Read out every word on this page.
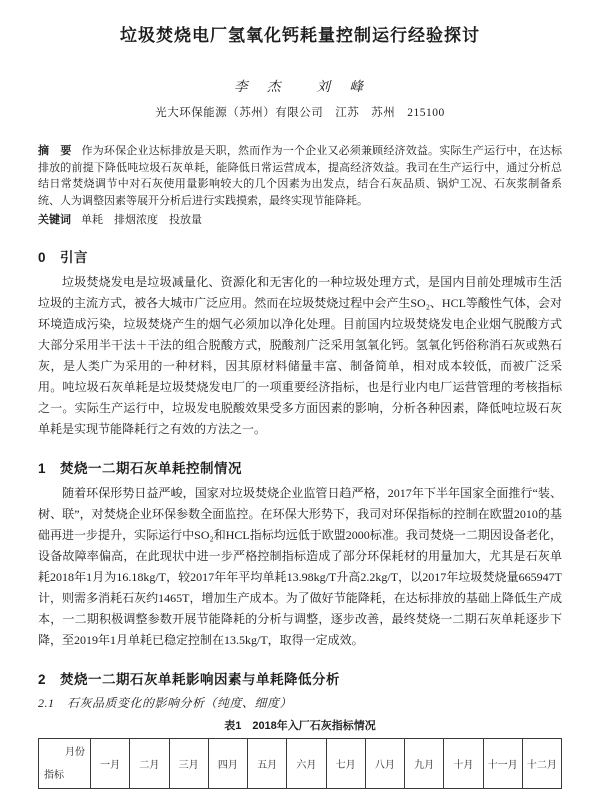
垃圾焚烧电厂氢氧化钙耗量控制运行经验探讨
李　杰　　刘　峰
光大环保能源（苏州）有限公司　江苏　苏州　215100

摘　要 作为环保企业达标排放是天职，然而作为一个企业又必须兼顾经济效益。实际生产运行中，在达标排放的前提下降低吨垃圾石灰单耗，能降低日常运营成本，提高经济效益。我司在生产运行中，通过分析总结日常焚烧调节中对石灰使用量影响较大的几个因素为出发点，结合石灰品质、锅炉工况、石灰浆制备系统、人为调整因素等展开分析后进行实践摸索，最终实现节能降耗。

关键词 单耗　排烟浓度　投放量

0　引言

垃圾焚烧发电是垃圾减量化、资源化和无害化的一种垃圾处理方式，是国内目前处理城市生活垃圾的主流方式，被各大城市广泛应用。然而在垃圾焚烧过程中会产生SO₂、HCL等酸性气体，会对环境造成污染，垃圾焚烧产生的烟气必须加以净化处理。目前国内垃圾焚烧发电企业烟气脱酸方式大部分采用半干法＋干法的组合脱酸方式，脱酸剂广泛采用氢氧化钙。氢氧化钙俗称消石灰或熟石灰，是人类广为采用的一种材料，因其原材料储量丰富、制备简单，相对成本较低，而被广泛采用。吨垃圾石灰单耗是垃圾焚烧发电厂的一项重要经济指标，也是行业内电厂运营管理的考核指标之一。实际生产运行中，垃圾发电脱酸效果受多方面因素的影响，分析各种因素，降低吨垃圾石灰单耗是实现节能降耗行之有效的方法之一。

1　焚烧一二期石灰单耗控制情况

随着环保形势日益严峻，国家对垃圾焚烧企业监管日趋严格，2017年下半年国家全面推行“装、树、联”，对焚烧企业环保参数全面监控。在环保大形势下，我司对环保指标的控制在欧盟2010的基础再进一步提升，实际运行中SO₂和HCL指标均远低于欧盟2000标准。我司焚烧一二期因设备老化，设备故障率偏高，在此现状中进一步严格控制指标造成了部分环保耗材的用量加大，尤其是石灰单耗2018年1月为16.18kg/T，较2017年年平均单耗13.98kg/T升高2.2kg/T，以2017年垃圾焚烧量665947T计，则需多消耗石灰约1465T，增加生产成本。为了做好节能降耗，在达标排放的基础上降低生产成本，一二期积极调整参数开展节能降耗的分析与调整，逐步改善，最终焚烧一二期石灰单耗逐步下降，至2019年1月单耗已稳定控制在13.5kg/T，取得一定成效。

2　焚烧一二期石灰单耗影响因素与单耗降低分析
2.1　石灰品质变化的影响分析（纯度、细度）
表1　2018年入厂石灰指标情况
月份
指标
	一月	二月	三月	四月	五月	六月	七月	八月	九月	十月	十一月	十二月
